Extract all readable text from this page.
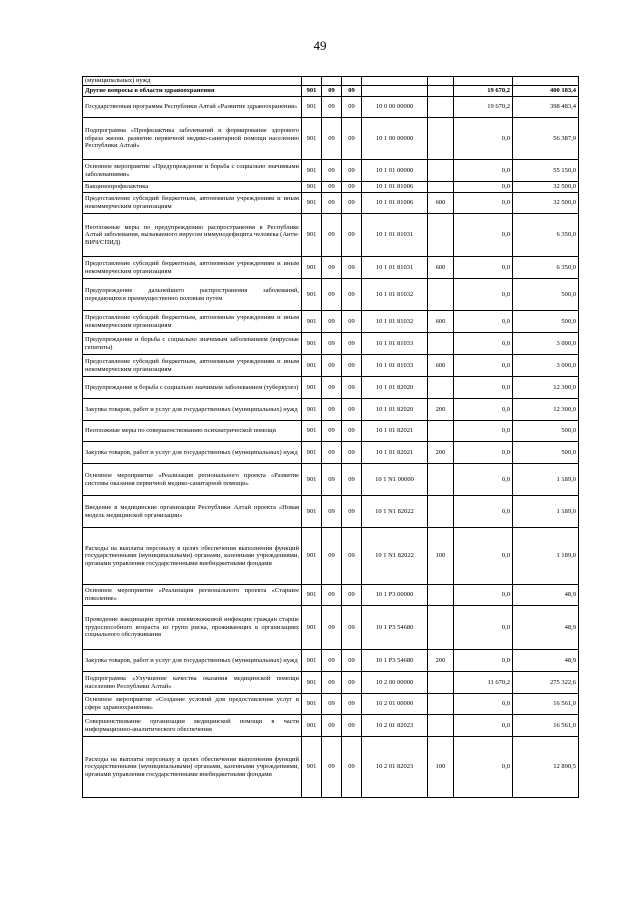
49
(муниципальных) нужд							
Другие вопросы в области здравоохранения	901	09	09			19 670,2	400 183,4
Государственная программа Республики Алтай «Развитие здравоохранения»	901	09	09	10 0 00 00000		19 670,2	398 483,4
Подпрограмма «Профилактика заболеваний и формирование здорового образа жизни. развитие первичной медико-санитарной помощи населению Республики Алтай»	901	09	09	10 1 00 00000		0,0	56 387,9
Основное мероприятие «Предупреждение и борьба с социально значимыми заболеваниями»	901	09	09	10 1 01 00000		0,0	55 150,0
Вакцинопрофилактика	901	09	09	10 1 01 81006		0,0	32 500,0
Предоставление субсидий бюджетным, автономным учреждениям и иным некоммерческим организациям	901	09	09	10 1 01 81006	600	0,0	32 500,0
Неотложные меры по предупреждению распространения в Республике Алтай заболевания, вызываемого вирусом иммунодефицита человека (Анти-ВИЧ/СПИД)	901	09	09	10 1 01 81031		0,0	6 350,0
Предоставление субсидий бюджетным, автономным учреждениям и иным некоммерческим организациям	901	09	09	10 1 01 81031	600	0,0	6 350,0
Предупреждение дальнейшего распространения заболеваний, передающихся преимущественно половым путем	901	09	09	10 1 01 81032		0,0	500,0
Предоставление субсидий бюджетным, автономным учреждениям и иным некоммерческим организациям	901	09	09	10 1 01 81032	600	0,0	500,0
Предупреждение и борьба с социально значимым заболеванием (вирусные гепатиты)	901	09	09	10 1 01 81033		0,0	3 000,0
Предоставление субсидий бюджетным, автономным учреждениям и иным некоммерческим организациям	901	09	09	10 1 01 81033	600	0,0	3 000,0
Предупреждение и борьба с социально значимым заболеванием (туберкулез)	901	09	09	10 1 01 82020		0,0	12 300,0
Закупка товаров, работ и услуг для государственных (муниципальных) нужд	901	09	09	10 1 01 82020	200	0,0	12 300,0
Неотложные меры по совершенствованию психиатрической помощи	901	09	09	10 1 01 82021		0,0	500,0
Закупка товаров, работ и услуг для государственных (муниципальных) нужд	901	09	09	10 1 01 82021	200	0,0	500,0
Основное мероприятие «Реализация регионального проекта «Развитие системы оказания первичной медико-санитарной помощи»	901	09	09	10 1 N1 00000		0,0	1 189,0
Введение в медицинские организации Республики Алтай проекта «Новая модель медицинской организации»	901	09	09	10 1 N1 82022		0,0	1 189,0
Расходы на выплаты персоналу в целях обеспечения выполнения функций государственными (муниципальными) органами, казенными учреждениями, органами управления государственными внебюджетными фондами	901	09	09	10 1 N1 82022	100	0,0	1 189,0
Основное мероприятие «Реализация регионального проекта «Старшее поколение»	901	09	09	10 1 P3 00000		0,0	48,9
Проведение вакцинации против пневмококковой инфекции граждан старше трудоспособного возраста из групп риска, проживающих в организациях социального обслуживания	901	09	09	10 1 P3 54680		0,0	48,9
Закупка товаров, работ и услуг для государственных (муниципальных) нужд	901	09	09	10 1 P3 54680	200	0,0	48,9
Подпрограмма «Улучшение качества оказания медицинской помощи населению Республики Алтай»	901	09	09	10 2 00 00000		11 670,2	275 322,6
Основное мероприятие «Создание условий для предоставления услуг в сфере здравоохранения»	901	09	09	10 2 01 00000		0,0	16 561,0
Совершенствование организации медицинской помощи в части информационно-аналитического обеспечения	901	09	09	10 2 01 82023		0,0	16 561,0
Расходы на выплаты персоналу в целях обеспечения выполнения функций государственными (муниципальными) органами, казенными учреждениями, органами управления государственными внебюджетными фондами	901	09	09	10 2 01 82023	100	0,0	12 890,5
